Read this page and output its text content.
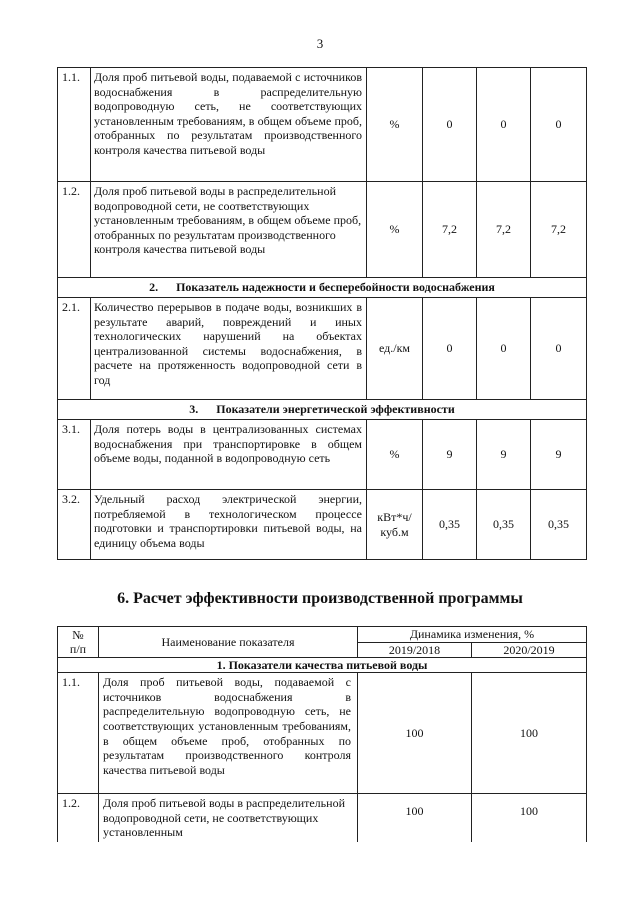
3
1.1.	Доля проб питьевой воды, подаваемой с источников водоснабжения в распределительную водопроводную сеть, не соответствующих установленным требованиям, в общем объеме проб, отобранных по результатам производственного контроля качества питьевой воды	%	0	0	0
1.2.	Доля проб питьевой воды в распределительной водопроводной сети, не соответствующих установленным требованиям, в общем объеме проб, отобранных по результатам производственного контроля качества питьевой воды	%	7,2	7,2	7,2
2.      Показатель надежности и бесперебойности водоснабжения					
2.1.	Количество перерывов в подаче воды, возникших в результате аварий, повреждений и иных технологических нарушений на объектах централизованной системы водоснабжения, в расчете на протяженность водопроводной сети в год	ед./км	0	0	0
3.      Показатели энергетической эффективности					
3.1.	Доля потерь воды в централизованных системах водоснабжения при транспортировке в общем объеме воды, поданной в водопроводную сеть	%	9	9	9
3.2.	Удельный расход электрической энергии, потребляемой в технологическом процессе подготовки и транспортировки питьевой воды, на единицу объема воды	кВт*ч/
куб.м	0,35	0,35	0,35
6. Расчет эффективности производственной программы
№
п/п	Наименование показателя	Динамика изменения, %	
		2019/2018	2020/2019
1. Показатели качества питьевой воды			
1.1.	Доля проб питьевой воды, подаваемой с источников водоснабжения в распределительную водопроводную сеть, не соответствующих установленным требованиям, в общем объеме проб, отобранных по результатам производственного контроля качества питьевой воды	100	100
1.2.	Доля проб питьевой воды в распределительной водопроводной сети, не соответствующих установленным	100	100
